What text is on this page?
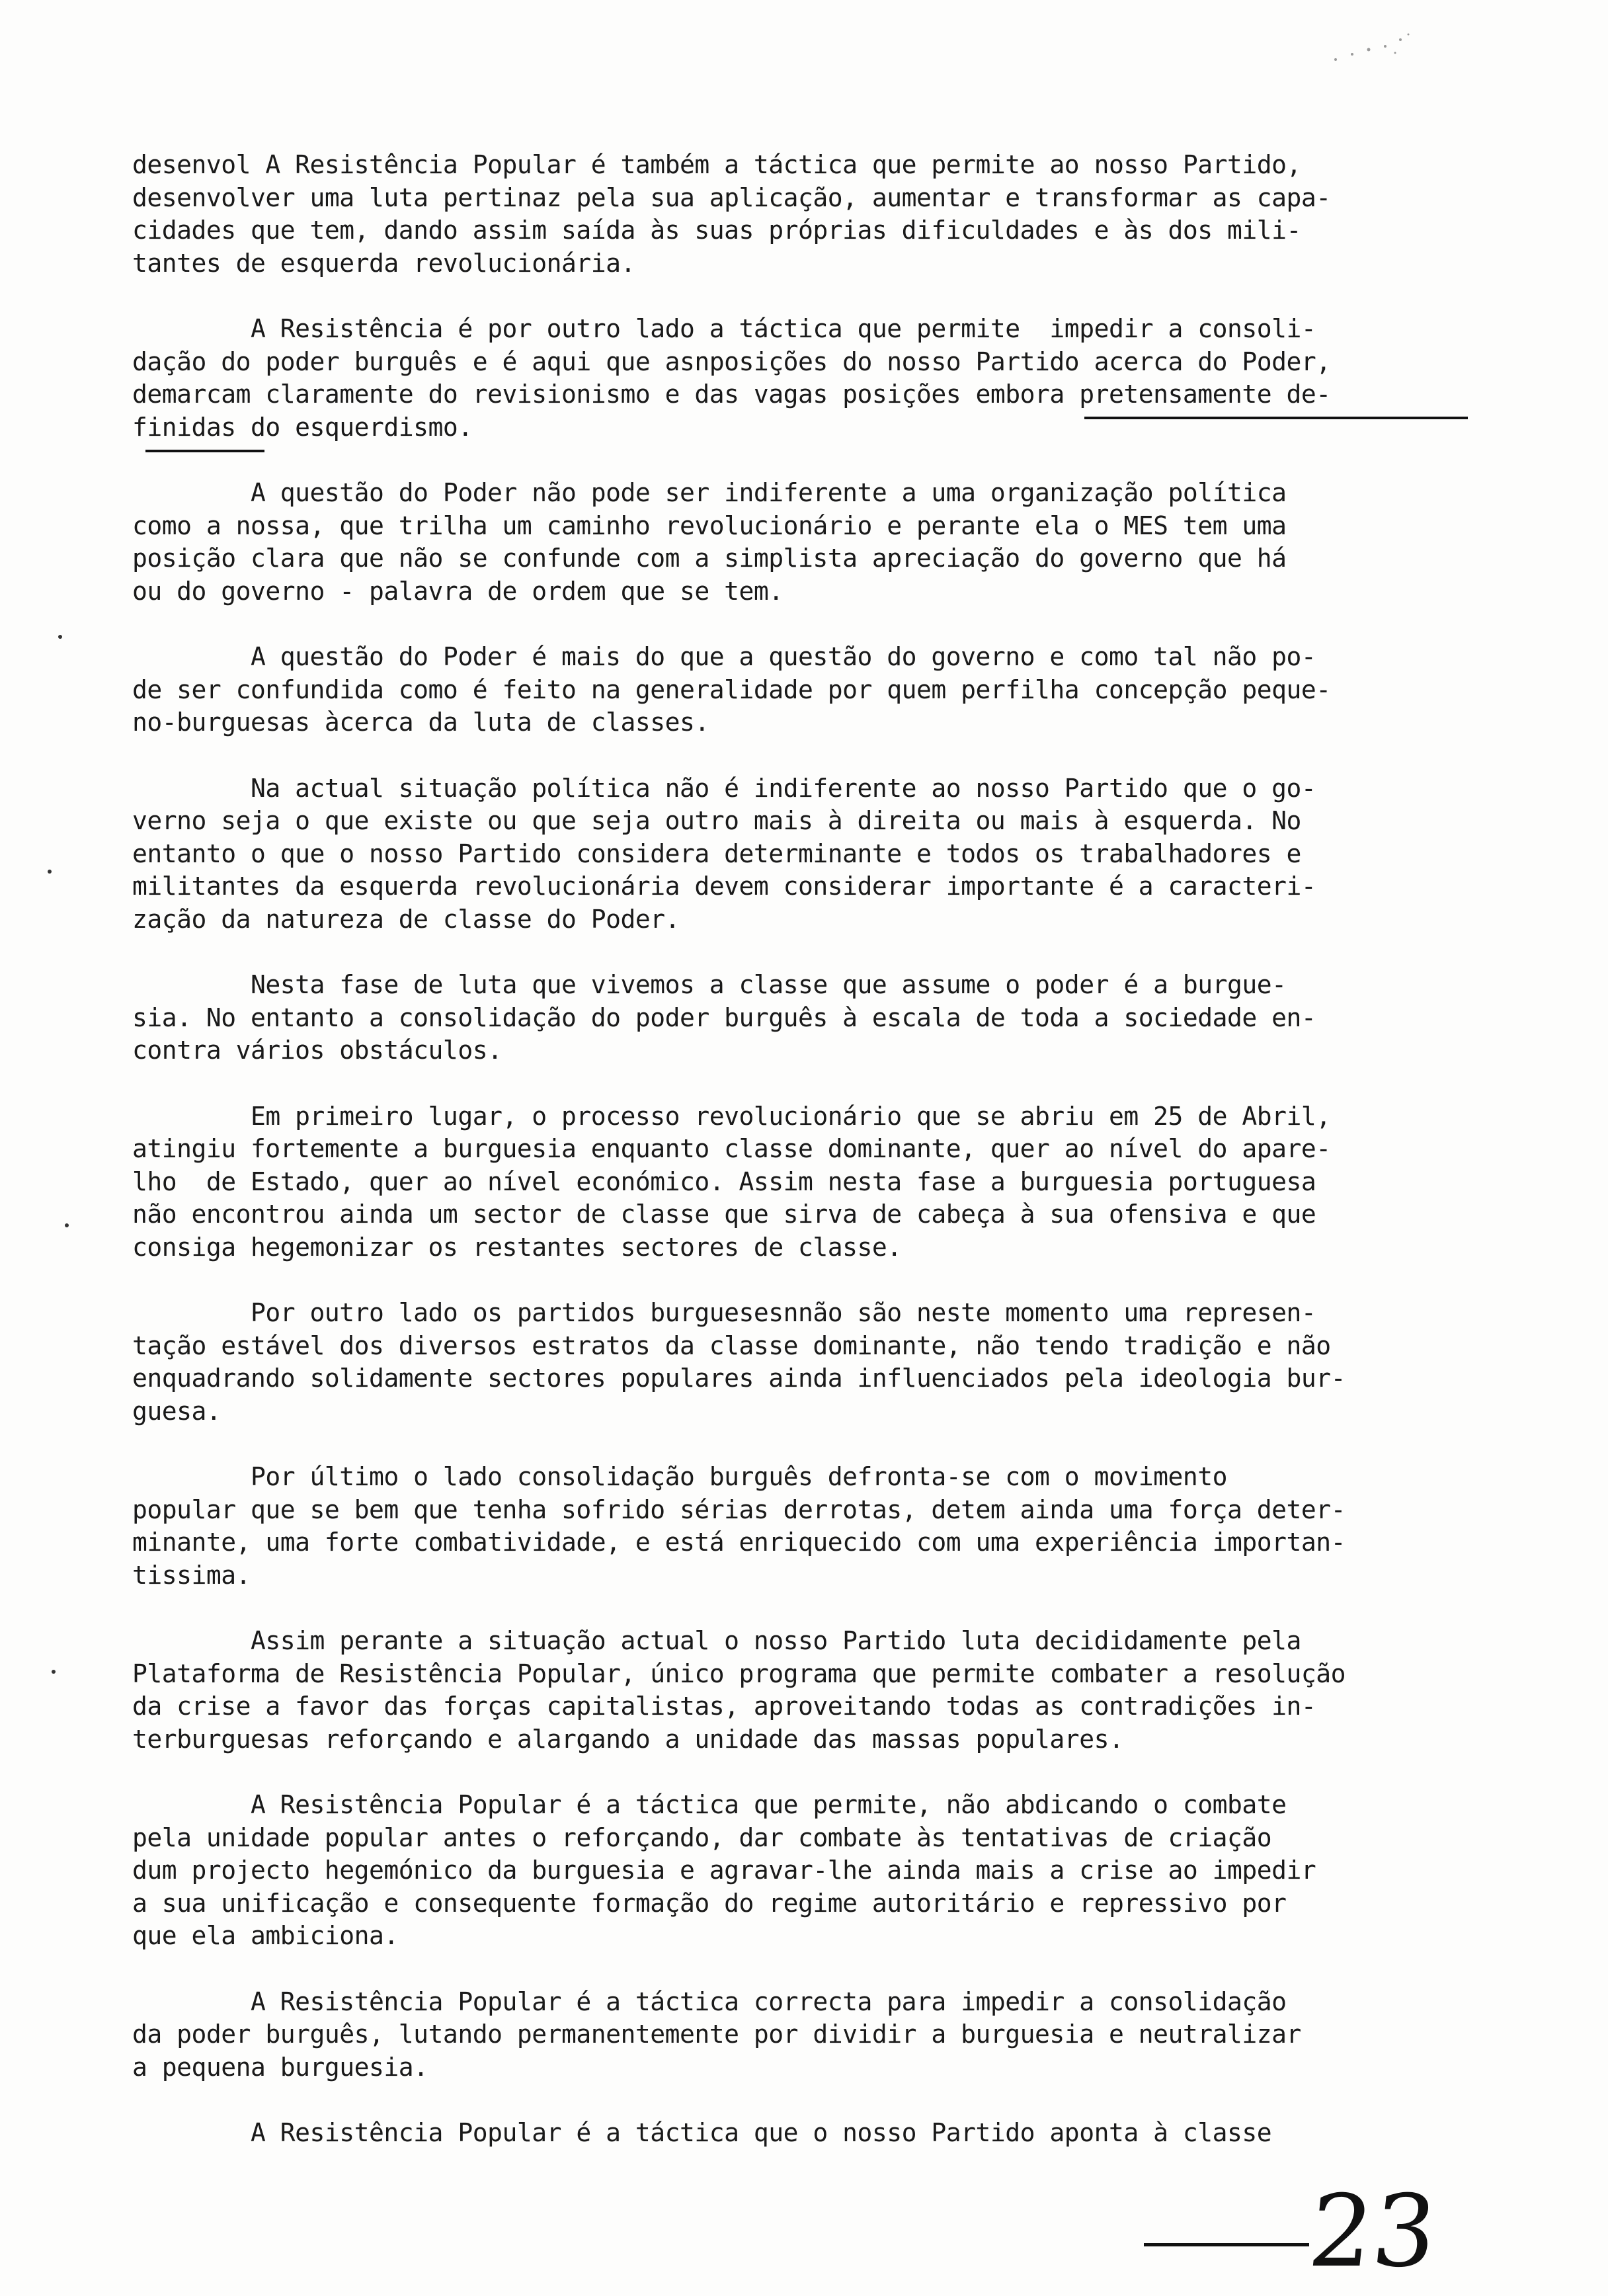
desenvol A Resistência Popular é também a táctica que permite ao nosso Partido,
desenvolver uma luta pertinaz pela sua aplicação, aumentar e transformar as capa-
cidades que tem, dando assim saída às suas próprias dificuldades e às dos mili-
tantes de esquerda revolucionária.

A Resistência é por outro lado a táctica que permite  impedir a consoli-
dação do poder burguês e é aqui que asnposições do nosso Partido acerca do Poder,
demarcam claramente do revisionismo e das vagas posições embora pretensamente de-
finidas do esquerdismo.

A questão do Poder não pode ser indiferente a uma organização política
como a nossa, que trilha um caminho revolucionário e perante ela o MES tem uma
posição clara que não se confunde com a simplista apreciação do governo que há
ou do governo - palavra de ordem que se tem.

A questão do Poder é mais do que a questão do governo e como tal não po-
de ser confundida como é feito na generalidade por quem perfilha concepção peque-
no-burguesas àcerca da luta de classes.

Na actual situação política não é indiferente ao nosso Partido que o go-
verno seja o que existe ou que seja outro mais à direita ou mais à esquerda. No
entanto o que o nosso Partido considera determinante e todos os trabalhadores e
militantes da esquerda revolucionária devem considerar importante é a caracteri-
zação da natureza de classe do Poder.

Nesta fase de luta que vivemos a classe que assume o poder é a burgue-
sia. No entanto a consolidação do poder burguês à escala de toda a sociedade en-
contra vários obstáculos.

Em primeiro lugar, o processo revolucionário que se abriu em 25 de Abril,
atingiu fortemente a burguesia enquanto classe dominante, quer ao nível do apare-
lho  de Estado, quer ao nível económico. Assim nesta fase a burguesia portuguesa
não encontrou ainda um sector de classe que sirva de cabeça à sua ofensiva e que
consiga hegemonizar os restantes sectores de classe.

Por outro lado os partidos burguesesnnão são neste momento uma represen-
tação estável dos diversos estratos da classe dominante, não tendo tradição e não
enquadrando solidamente sectores populares ainda influenciados pela ideologia bur-
guesa.

Por último o lado consolidação burguês defronta-se com o movimento
popular que se bem que tenha sofrido sérias derrotas, detem ainda uma força deter-
minante, uma forte combatividade, e está enriquecido com uma experiência importan-
tissima.

Assim perante a situação actual o nosso Partido luta decididamente pela
Plataforma de Resistência Popular, único programa que permite combater a resolução
da crise a favor das forças capitalistas, aproveitando todas as contradições in-
terburguesas reforçando e alargando a unidade das massas populares.

A Resistência Popular é a táctica que permite, não abdicando o combate
pela unidade popular antes o reforçando, dar combate às tentativas de criação
dum projecto hegemónico da burguesia e agravar-lhe ainda mais a crise ao impedir
a sua unificação e consequente formação do regime autoritário e repressivo por
que ela ambiciona.

A Resistência Popular é a táctica correcta para impedir a consolidação
da poder burguês, lutando permanentemente por dividir a burguesia e neutralizar
a pequena burguesia.

A Resistência Popular é a táctica que o nosso Partido aponta à classe

23
